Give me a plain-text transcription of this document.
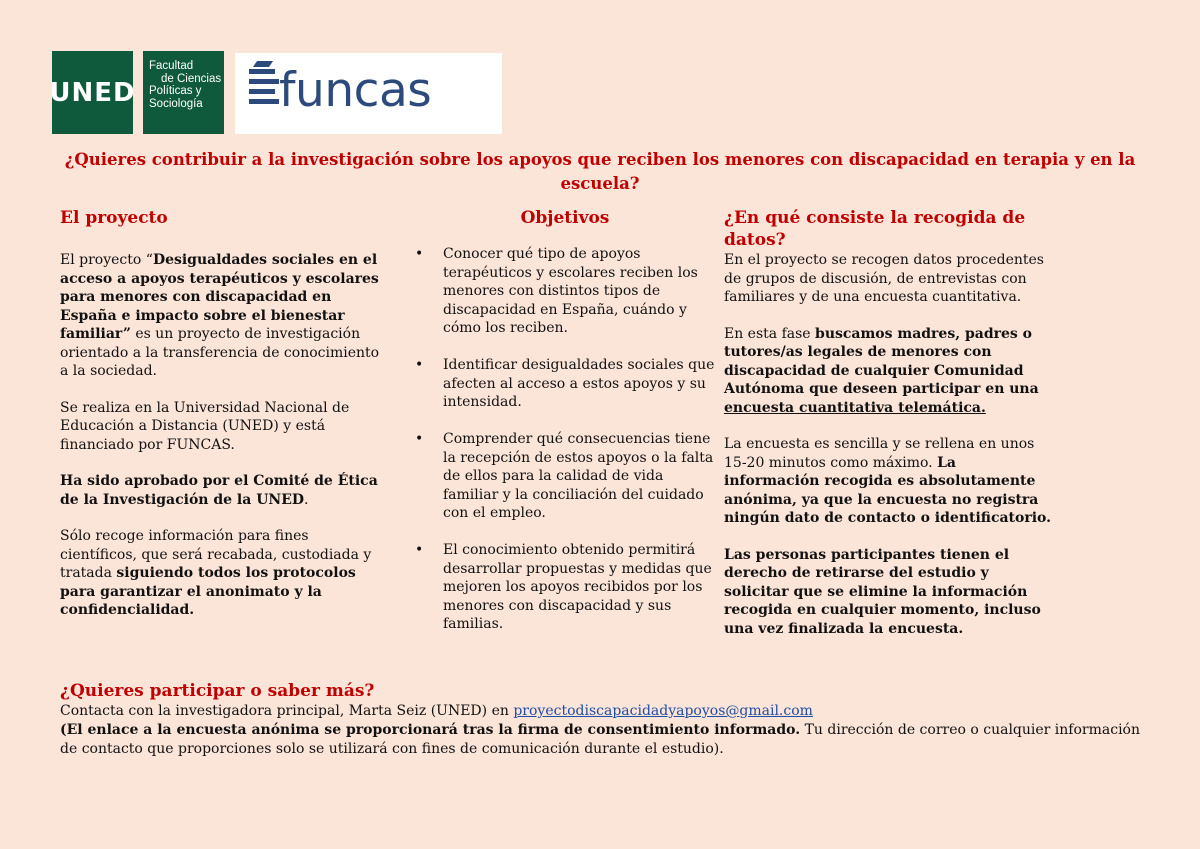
UNED
Facultad
de Ciencias
Políticas y
Sociología	funcas
¿Quieres contribuir a la investigación sobre los apoyos que reciben los menores con discapacidad en terapia y en la escuela?
El proyecto

El proyecto “Desigualdades sociales en el acceso a apoyos terapéuticos y escolares para menores con discapacidad en España e impacto sobre el bienestar familiar” es un proyecto de investigación orientado a la transferencia de conocimiento a la sociedad.

Se realiza en la Universidad Nacional de Educación a Distancia (UNED) y está financiado por FUNCAS.

Ha sido aprobado por el Comité de Ética de la Investigación de la UNED.

Sólo recoge información para fines científicos, que será recabada, custodiada y tratada siguiendo todos los protocolos para garantizar el anonimato y la confidencialidad.

Objetivos
• Conocer qué tipo de apoyos terapéuticos y escolares reciben los menores con distintos tipos de discapacidad en España, cuándo y cómo los reciben.
• Identificar desigualdades sociales que afecten al acceso a estos apoyos y su intensidad.
• Comprender qué consecuencias tiene la recepción de estos apoyos o la falta de ellos para la calidad de vida familiar y la conciliación del cuidado con el empleo.
• El conocimiento obtenido permitirá desarrollar propuestas y medidas que mejoren los apoyos recibidos por los menores con discapacidad y sus familias.
¿En qué consiste la recogida de datos?

En el proyecto se recogen datos procedentes de grupos de discusión, de entrevistas con familiares y de una encuesta cuantitativa.

En esta fase buscamos madres, padres o tutores/as legales de menores con discapacidad de cualquier Comunidad Autónoma que deseen participar en una encuesta cuantitativa telemática.

La encuesta es sencilla y se rellena en unos 15-20 minutos como máximo. La información recogida es absolutamente anónima, ya que la encuesta no registra ningún dato de contacto o identificatorio.

Las personas participantes tienen el derecho de retirarse del estudio y solicitar que se elimine la información recogida en cualquier momento, incluso una vez finalizada la encuesta.

¿Quieres participar o saber más?
Contacta con la investigadora principal, Marta Seiz (UNED) en proyectodiscapacidadyapoyos@gmail.com
(El enlace a la encuesta anónima se proporcionará tras la firma de consentimiento informado. Tu dirección de correo o cualquier información de contacto que proporciones solo se utilizará con fines de comunicación durante el estudio).
